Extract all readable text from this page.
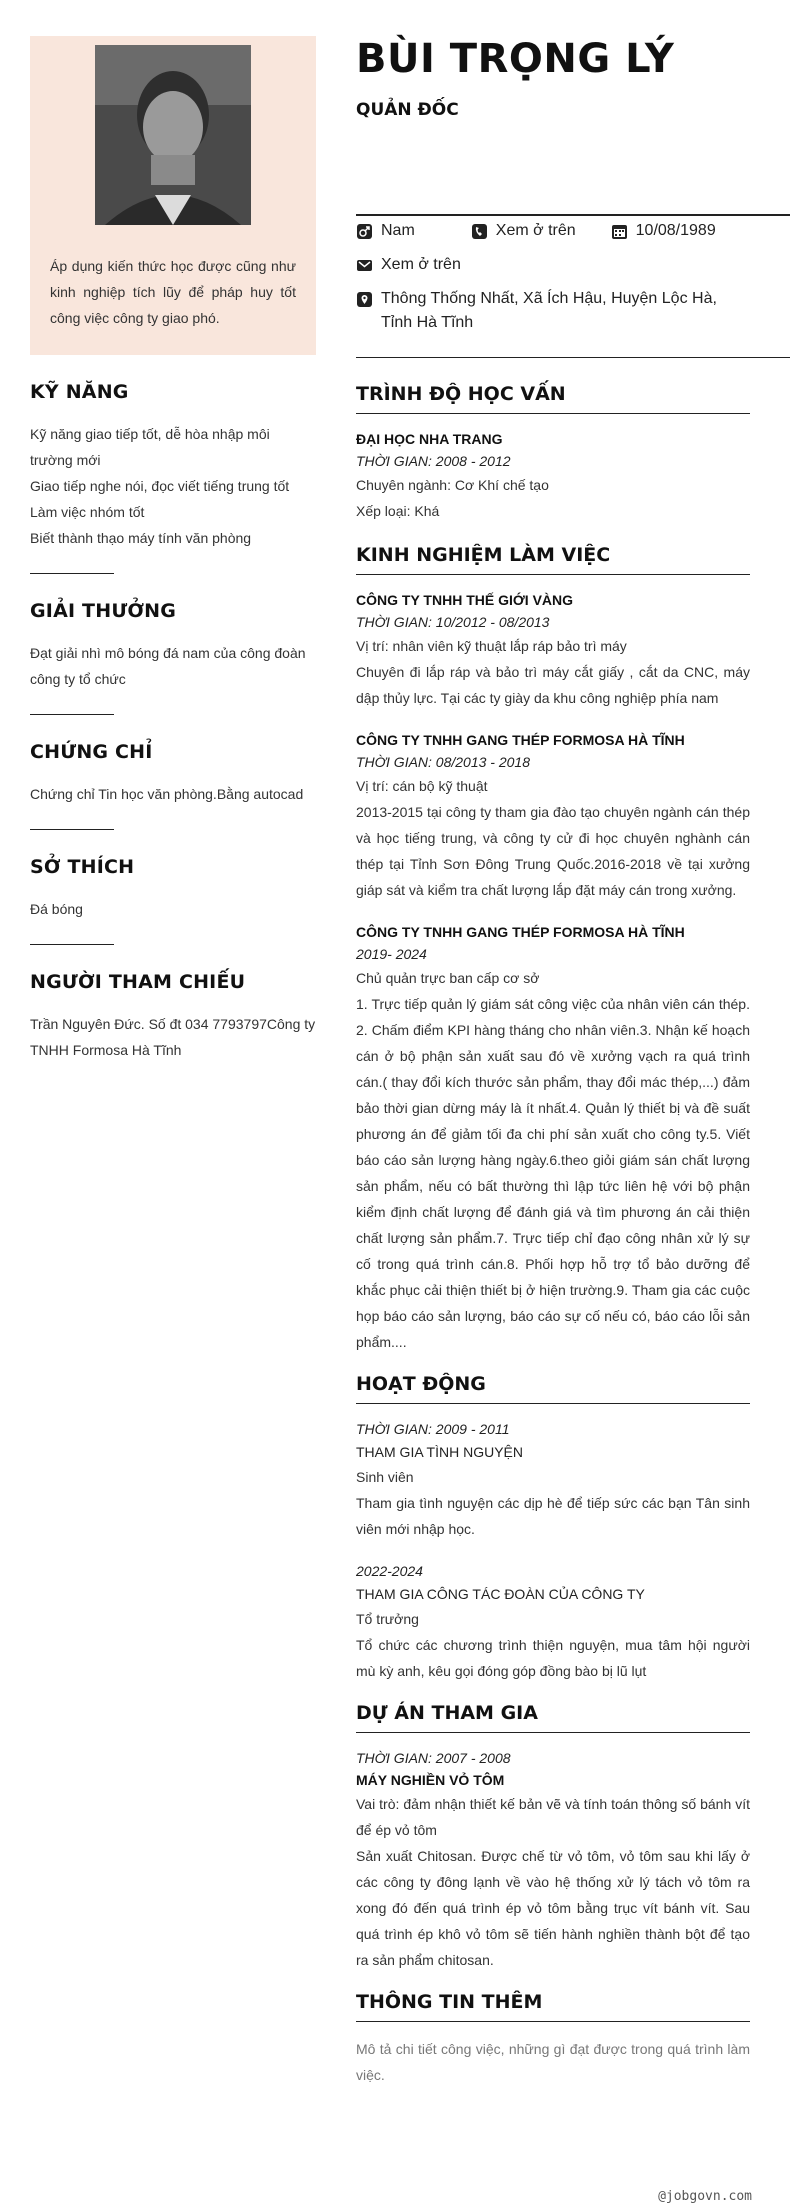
Áp dụng kiến thức học được cũng như kinh nghiệp tích lũy để pháp huy tốt công việc công ty giao phó.

KỸ NĂNG
Kỹ năng giao tiếp tốt, dễ hòa nhập môi trường mới
Giao tiếp nghe nói, đọc viết tiếng trung tốt
Làm việc nhóm tốt
Biết thành thạo máy tính văn phòng
GIẢI THƯỞNG
Đạt giải nhì mô bóng đá nam của công đoàn công ty tổ chức
CHỨNG CHỈ
Chứng chỉ Tin học văn phòng.Bằng autocad
SỞ THÍCH
Đá bóng
NGƯỜI THAM CHIẾU
Trần Nguyên Đức. Số đt 034 7793797Công ty TNHH Formosa Hà Tĩnh
BÙI TRỌNG LÝ
QUẢN ĐỐC
Nam	Xem ở trên	10/08/1989
Xem ở trên
Thông Thống Nhất, Xã Ích Hậu, Huyện Lộc Hà, Tỉnh Hà Tĩnh
TRÌNH ĐỘ HỌC VẤN
ĐẠI HỌC NHA TRANG
THỜI GIAN: 2008 - 2012
Chuyên ngành: Cơ Khí chế tạo
Xếp loại: Khá
KINH NGHIỆM LÀM VIỆC
CÔNG TY TNHH THẾ GIỚI VÀNG
THỜI GIAN: 10/2012 - 08/2013
Vị trí: nhân viên kỹ thuật lắp ráp bảo trì máy
Chuyên đi lắp ráp và bảo trì máy cắt giấy , cắt da CNC, máy dập thủy lực. Tại các ty giày da khu công nghiệp phía nam
CÔNG TY TNHH GANG THÉP FORMOSA HÀ TĨNH
THỜI GIAN: 08/2013 - 2018
Vị trí: cán bộ kỹ thuật
2013-2015 tại công ty tham gia đào tạo chuyên ngành cán thép và học tiếng trung, và công ty cử đi học chuyên nghành cán thép tại Tỉnh Sơn Đông Trung Quốc.2016-2018 về tại xưởng giáp sát và kiểm tra chất lượng lắp đặt máy cán trong xưởng.
CÔNG TY TNHH GANG THÉP FORMOSA HÀ TĨNH
2019- 2024
Chủ quản trực ban cấp cơ sở
1. Trực tiếp quản lý giám sát công việc của nhân viên cán thép. 2. Chấm điểm KPI hàng tháng cho nhân viên.3. Nhận kế hoạch cán ở bộ phận sản xuất sau đó về xưởng vạch ra quá trình cán.( thay đổi kích thước sản phẩm, thay đổi mác thép,...) đảm bảo thời gian dừng máy là ít nhất.4. Quản lý thiết bị và đề suất phương án để giảm tối đa chi phí sản xuất cho công ty.5. Viết báo cáo sản lượng hàng ngày.6.theo giỏi giám sán chất lượng sản phẩm, nếu có bất thường thì lập tức liên hệ với bộ phận kiểm định chất lượng để đánh giá và tìm phương án cải thiện chất lượng sản phẩm.7. Trực tiếp chỉ đạo công nhân xử lý sự cố trong quá trình cán.8. Phối hợp hỗ trợ tổ bảo dưỡng để khắc phục cải thiện thiết bị ở hiện trường.9. Tham gia các cuộc họp báo cáo sản lượng, báo cáo sự cố nếu có, báo cáo lỗi sản phẩm....
HOẠT ĐỘNG
THỜI GIAN: 2009 - 2011
THAM GIA TÌNH NGUYỆN
Sinh viên
Tham gia tình nguyện các dịp hè để tiếp sức các bạn Tân sinh viên mới nhập học.
2022-2024
THAM GIA CÔNG TÁC ĐOÀN CỦA CÔNG TY
Tổ trưởng
Tổ chức các chương trình thiện nguyện, mua tâm hội người mù kỳ anh, kêu gọi đóng góp đồng bào bị lũ lụt
DỰ ÁN THAM GIA
THỜI GIAN: 2007 - 2008
MÁY NGHIỀN VỎ TÔM
Vai trò: đảm nhận thiết kế bản vẽ và tính toán thông số bánh vít để ép vỏ tôm
Sản xuất Chitosan. Được chế từ vỏ tôm, vỏ tôm sau khi lấy ở các công ty đông lạnh về vào hệ thống xử lý tách vỏ tôm ra xong đó đến quá trình ép vỏ tôm bằng trục vít bánh vít. Sau quá trình ép khô vỏ tôm sẽ tiến hành nghiền thành bột để tạo ra sản phẩm chitosan.
THÔNG TIN THÊM
Mô tả chi tiết công việc, những gì đạt được trong quá trình làm việc.
@jobgovn.com
